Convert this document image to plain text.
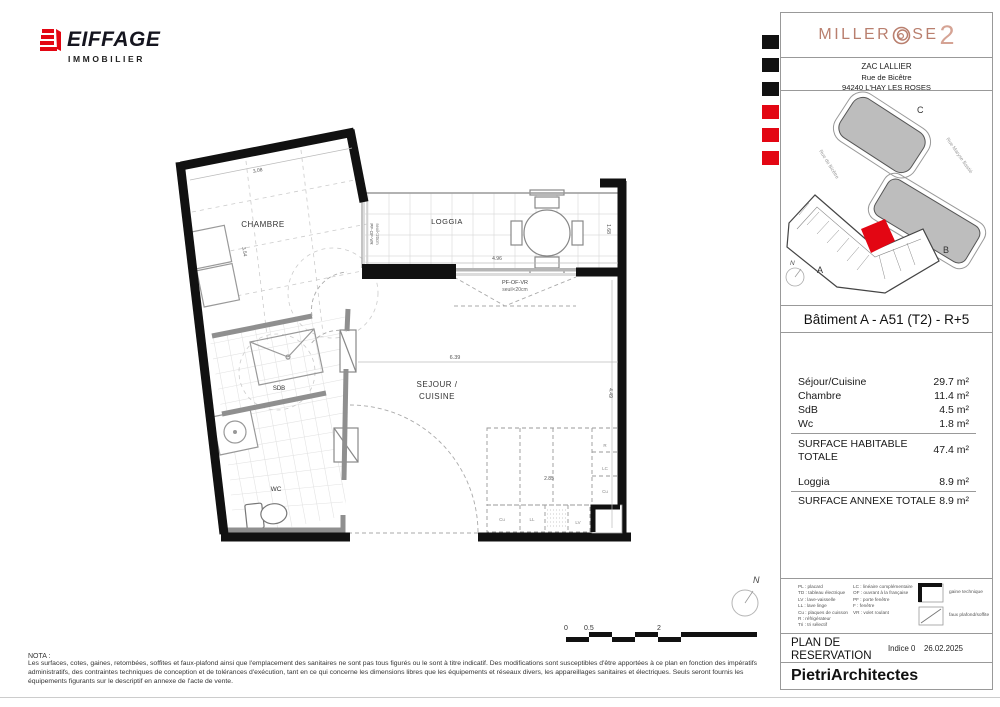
EIFFAGE
IMMOBILIER
CHAMBRE	LOGGIA
SDB
WC
SEJOUR /
CUISINE
3.08
3.54
4.96
1.68
6.39
4.49
2.85
PF-OF-VR seuil<20cm
PF-OF-VR
seuil<20cm
R
LC
Cu
Cu	LL
LV
N
0 0.5	2
MILLER SE 2
ZAC LALLIER
Rue de Bicêtre
94240 L'HAY LES ROSES
C
B
A
Rue de Bicêtre	Rue Maryse Bastié
N
Bâtiment A - A51 (T2) - R+5
Séjour/Cuisine	29.7 m²
Chambre	11.4 m²
SdB	4.5 m²
Wc	1.8 m²
SURFACE HABITABLE
TOTALE
47.4 m²
Loggia	8.9 m²
SURFACE ANNEXE TOTALE 8.9 m²
PL : placard
TD : tableau électrique
LV : lave-vaisselle
LL : lave linge
Cu : plaques de cuisson
R : réfrigérateur
Tri : tri sélectif
LC : linéaire complémentaire
OF : ouvrant à la française
PF : porte fenêtre
F : fenêtre
VR : volet roulant
gaine technique
faux plafond/soffite
PLAN DE
RESERVATION
Indice 0 26.02.2025
PietriArchitectes
NOTA :
Les surfaces, cotes, gaines, retombées, soffites et faux-plafond ainsi que l'emplacement des sanitaires ne sont pas tous figurés ou le sont à titre indicatif. Des modifications sont susceptibles d'être apportées à ce plan en fonction des impératifs
administratifs, des contraintes techniques de conception et de tolérances d'exécution, tant en ce qui concerne les dimensions libres que les équipements et réseaux divers, les appareillages sanitaires et électriques. Seuls seront fournis les
équipements figurants sur le descriptif en annexe de l'acte de vente.
